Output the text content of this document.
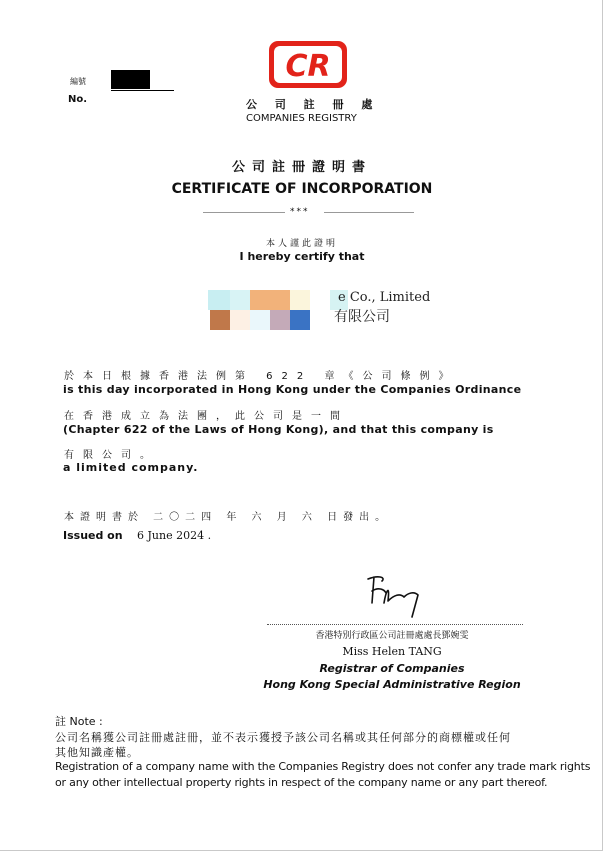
編號
No.
CR
公 司 註 冊 處
COMPANIES REGISTRY
公司註冊證明書
CERTIFICATE OF INCORPORATION
***
本人謹此證明
I hereby certify that
e Co., Limited
有限公司
於本日根據香港法例第 622 章《公司條例》
is this day incorporated in Hong Kong under the Companies Ordinance
在香港成立為法團，此公司是一間
(Chapter 622 of the Laws of Hong Kong), and that this company is
有限公司。
a limited company.
本證明書於 二〇二四 年 六 月 六 日發出。
Issued on 6 June 2024 .
香港特別行政區公司註冊處處長鄧婉雯
Miss Helen TANG
Registrar of Companies
Hong Kong Special Administrative Region
註 Note :
公司名稱獲公司註冊處註冊，並不表示獲授予該公司名稱或其任何部分的商標權或任何
其他知識產權。
Registration of a company name with the Companies Registry does not confer any trade mark rights
or any other intellectual property rights in respect of the company name or any part thereof.
